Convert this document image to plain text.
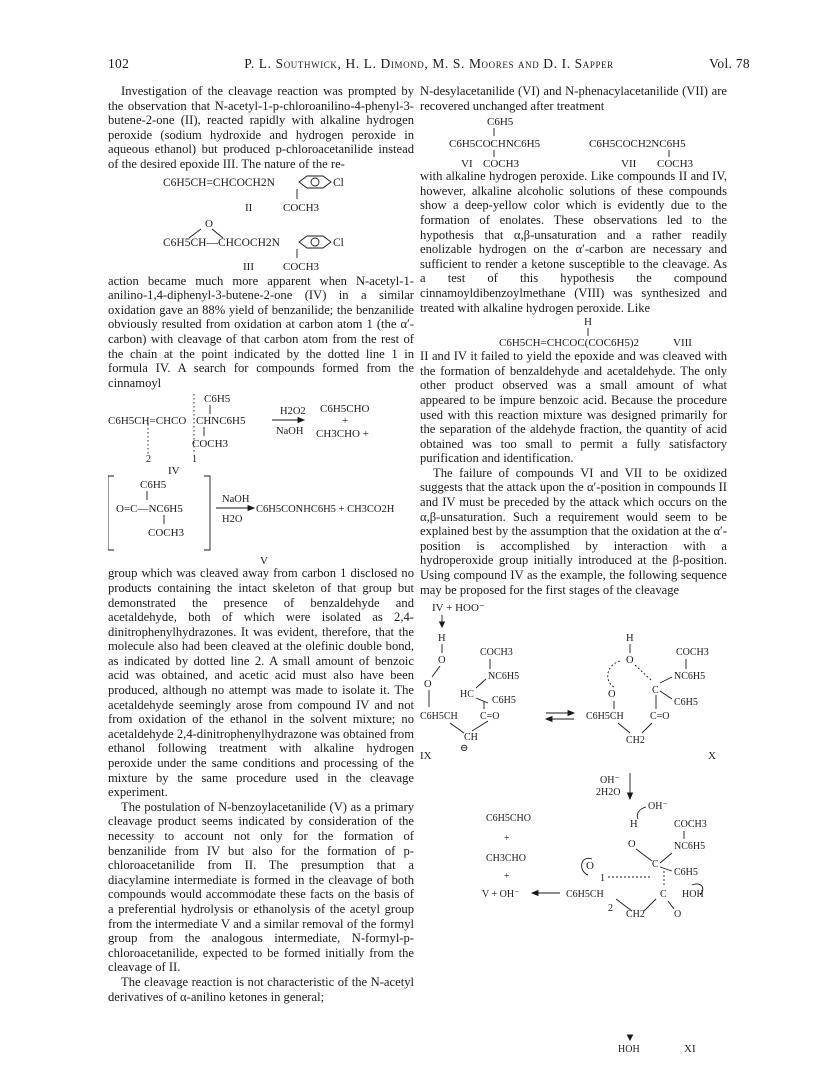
102	P. L. Southwick, H. L. Dimond, M. S. Moores and D. I. Sapper	Vol. 78

Investigation of the cleavage reaction was prompted by the observation that N-acetyl-1-p-chloroanilino-4-phenyl-3-butene-2-one (II), reacted rapidly with alkaline hydrogen peroxide (sodium hydroxide and hydrogen peroxide in aqueous ethanol) but produced p-chloroacetanilide instead of the desired epoxide III. The nature of the re-

C6H5CH=CHCOCH2N	Cl
II	COCH3
O
C6H5CH—CHCOCH2N	Cl
III	COCH3

action became much more apparent when N-acetyl-1-anilino-1,4-diphenyl-3-butene-2-one (IV) in a similar oxidation gave an 88% yield of benzanilide; the benzanilide obviously resulted from oxidation at carbon atom 1 (the α′-carbon) with cleavage of that carbon atom from the rest of the chain at the point indicated by the dotted line 1 in formula IV. A search for compounds formed from the cinnamoyl

C6H5
C6H5CH=CHCO CHNC6H5
COCH3
2	1
IV
H2O2
NaOH
C6H5CHO
+
CH3CHO +
C6H5
O=C—NC6H5
COCH3
NaOH
H2O
C6H5CONHC6H5 + CH3CO2H
V

group which was cleaved away from carbon 1 disclosed no products containing the intact skeleton of that group but demonstrated the presence of benzaldehyde and acetaldehyde, both of which were isolated as 2,4-dinitrophenylhydrazones. It was evident, therefore, that the molecule also had been cleaved at the olefinic double bond, as indicated by dotted line 2. A small amount of benzoic acid was obtained, and acetic acid must also have been produced, although no attempt was made to isolate it. The acetaldehyde seemingly arose from compound IV and not from oxidation of the ethanol in the solvent mixture; no acetaldehyde 2,4-dinitrophenylhydrazone was obtained from ethanol following treatment with alkaline hydrogen peroxide under the same conditions and processing of the mixture by the same procedure used in the cleavage experiment.

The postulation of N-benzoylacetanilide (V) as a primary cleavage product seems indicated by consideration of the necessity to account not only for the formation of benzanilide from IV but also for the formation of p-chloroacetanilide from II. The presumption that a diacylamine intermediate is formed in the cleavage of both compounds would accommodate these facts on the basis of a preferential hydrolysis or ethanolysis of the acetyl group from the intermediate V and a similar removal of the formyl group from the analogous intermediate, N-formyl-p-chloroacetanilide, expected to be formed initially from the cleavage of II.

The cleavage reaction is not characteristic of the N-acetyl derivatives of α-anilino ketones in general;

N-desylacetanilide (VI) and N-phenacylacetanilide (VII) are recovered unchanged after treatment

C6H5
C6H5COCHNC6H5
VI COCH3
C6H5COCH2NC6H5
VII COCH3

with alkaline hydrogen peroxide. Like compounds II and IV, however, alkaline alcoholic solutions of these compounds show a deep-yellow color which is evidently due to the formation of enolates. These observations led to the hypothesis that α,β-unsaturation and a rather readily enolizable hydrogen on the α′-carbon are necessary and sufficient to render a ketone susceptible to the cleavage. As a test of this hypothesis the compound cinnamoyldibenzoylmethane (VIII) was synthesized and treated with alkaline hydrogen peroxide. Like

H
C6H5CH=CHCOC(COC6H5)2	VIII

II and IV it failed to yield the epoxide and was cleaved with the formation of benzaldehyde and acetaldehyde. The only other product observed was a small amount of what appeared to be impure benzoic acid. Because the procedure used with this reaction mixture was designed primarily for the separation of the aldehyde fraction, the quantity of acid obtained was too small to permit a fully satisfactory purification and identification.

The failure of compounds VI and VII to be oxidized suggests that the attack upon the α′-position in compounds II and IV must be preceded by the attack which occurs on the α,β-unsaturation. Such a requirement would seem to be explained best by the assumption that the oxidation at the α′-position is accomplished by interaction with a hydroperoxide group initially introduced at the β-position. Using compound IV as the example, the following sequence may be proposed for the first stages of the cleavage

IV + HOO⁻
H
O
O
C6H5CH
CH
⊖
C=O
HC
NC6H5
COCH3
C6H5
IX
H
O
O	C
NC6H5
COCH3
C6H5
C=O
C6H5CH
CH2
X
OH⁻
2H2O
OH⁻
H	COCH3
NC6H5
O
C
C6H5
O
1
C6H5CH	C HOH
O
2
CH2
C6H5CHO
+
CH3CHO
+
V + OH⁻
HOH	XI
